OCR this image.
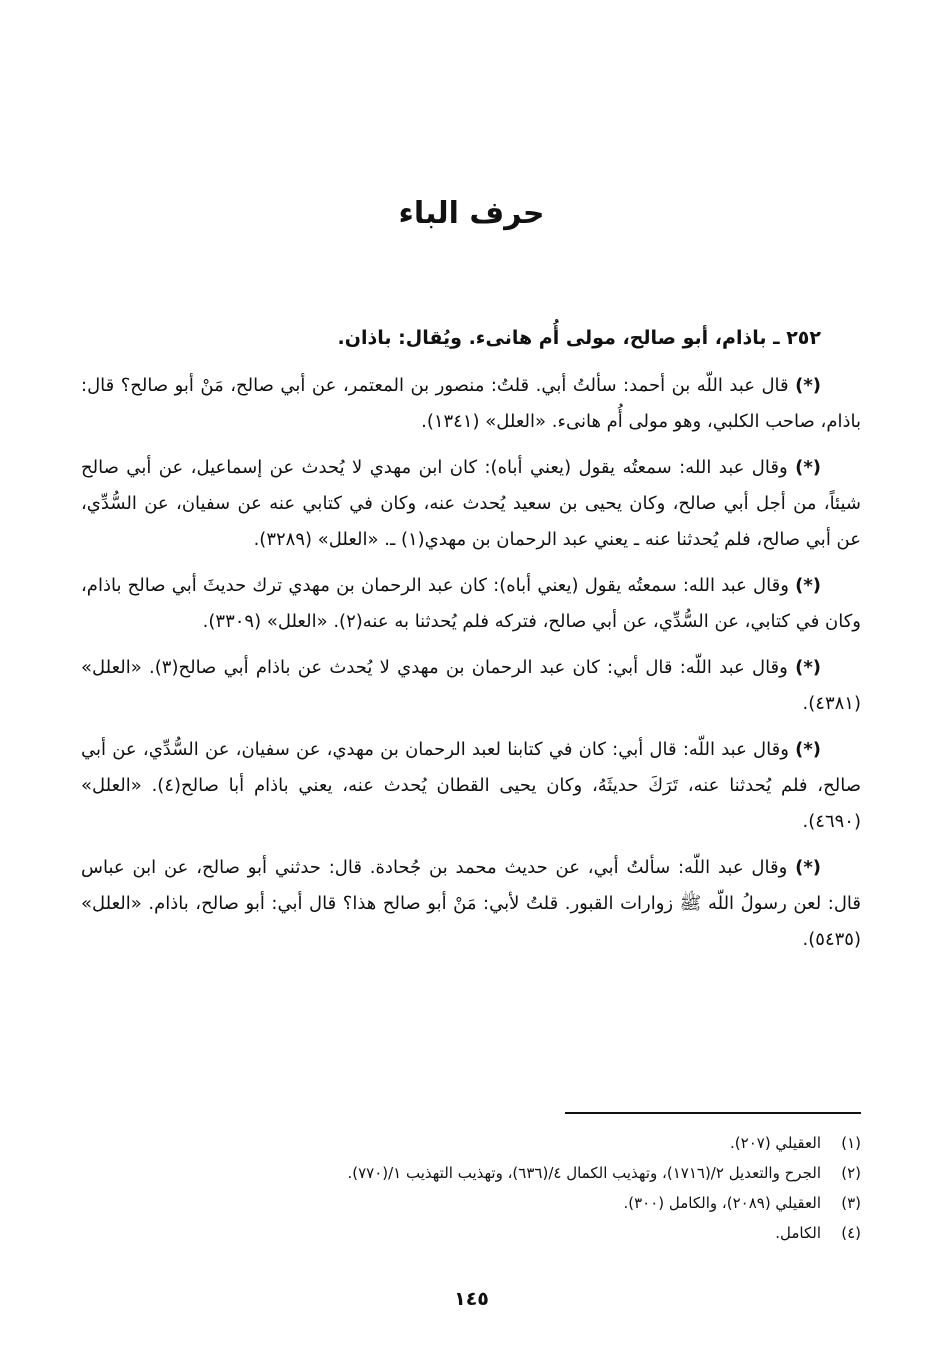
حرف الباء
٢٥٢ ـ باذام، أبو صالح، مولى أُم هانىء. ويُقال: باذان.

(*) قال عبد اللّه بن أحمد: سألتُ أبي. قلتُ: منصور بن المعتمر، عن أبي صالح، مَنْ أبو صالح؟ قال: باذام، صاحب الكلبي، وهو مولى أُم هانىء. «العلل» (١٣٤١).

(*) وقال عبد الله: سمعتُه يقول (يعني أباه): كان ابن مهدي لا يُحدث عن إسماعيل، عن أبي صالح شيئاً، من أجل أبي صالح، وكان يحيى بن سعيد يُحدث عنه، وكان في كتابي عنه عن سفيان، عن السُّدِّي، عن أبي صالح، فلم يُحدثنا عنه ـ يعني عبد الرحمان بن مهدي(١) ـ. «العلل» (٣٢٨٩).

(*) وقال عبد الله: سمعتُه يقول (يعني أباه): كان عبد الرحمان بن مهدي ترك حديثَ أبي صالح باذام، وكان في كتابي، عن السُّدِّي، عن أبي صالح، فتركه فلم يُحدثنا به عنه(٢). «العلل» (٣٣٠٩).

(*) وقال عبد اللّه: قال أبي: كان عبد الرحمان بن مهدي لا يُحدث عن باذام أبي صالح(٣). «العلل» (٤٣٨١).

(*) وقال عبد اللّه: قال أبي: كان في كتابنا لعبد الرحمان بن مهدي، عن سفيان، عن السُّدِّي، عن أبي صالح، فلم يُحدثنا عنه، تَرَكَ حديثَهُ، وكان يحيى القطان يُحدث عنه، يعني باذام أبا صالح(٤). «العلل» (٤٦٩٠).

(*) وقال عبد اللّه: سألتُ أبي، عن حديث محمد بن جُحادة. قال: حدثني أبو صالح، عن ابن عباس قال: لعن رسولُ اللّه ﷺ زوارات القبور. قلتُ لأبي: مَنْ أبو صالح هذا؟ قال أبي: أبو صالح، باذام. «العلل» (٥٤٣٥).

(١)
العقيلي (٢٠٧).
(٢)
الجرح والتعديل ٢/(١٧١٦)، وتهذيب الكمال ٤/(٦٣٦)، وتهذيب التهذيب ١/(٧٧٠).
(٣)
العقيلي (٢٠٨٩)، والكامل (٣٠٠).
(٤)
الكامل.
١٤٥
